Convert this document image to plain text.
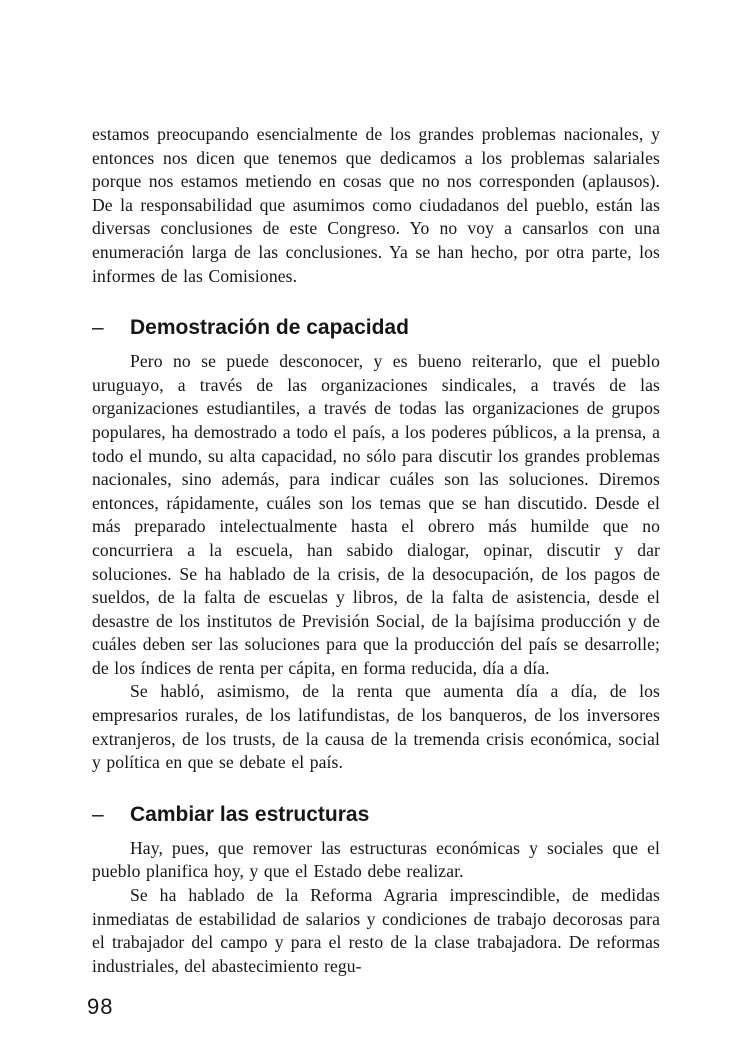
estamos preocupando esencialmente de los grandes problemas nacionales, y entonces nos dicen que tenemos que dedicamos a los problemas salariales porque nos estamos metiendo en cosas que no nos corresponden (aplausos). De la responsabilidad que asumimos como ciudadanos del pueblo, están las diversas conclusiones de este Congreso. Yo no voy a cansarlos con una enumeración larga de las conclusiones. Ya se han hecho, por otra parte, los informes de las Comisiones.

–	Demostración de capacidad

Pero no se puede desconocer, y es bueno reiterarlo, que el pueblo uruguayo, a través de las organizaciones sindicales, a través de las organizaciones estudiantiles, a través de todas las organizaciones de grupos populares, ha demostrado a todo el país, a los poderes públicos, a la prensa, a todo el mundo, su alta capacidad, no sólo para discutir los grandes problemas nacionales, sino además, para indicar cuáles son las soluciones. Diremos entonces, rápidamente, cuáles son los temas que se han discutido. Desde el más preparado intelectualmente hasta el obrero más humilde que no concurriera a la escuela, han sabido dialogar, opinar, discutir y dar soluciones. Se ha hablado de la crisis, de la desocupación, de los pagos de sueldos, de la falta de escuelas y libros, de la falta de asistencia, desde el desastre de los institutos de Previsión Social, de la bajísima producción y de cuáles deben ser las soluciones para que la producción del país se desarrolle; de los índices de renta per cápita, en forma reducida, día a día.

Se habló, asimismo, de la renta que aumenta día a día, de los empresarios rurales, de los latifundistas, de los banqueros, de los inversores extranjeros, de los trusts, de la causa de la tremenda crisis económica, social y política en que se debate el país.

–	Cambiar las estructuras

Hay, pues, que remover las estructuras económicas y sociales que el pueblo planifica hoy, y que el Estado debe realizar.

Se ha hablado de la Reforma Agraria imprescindible, de medidas inmediatas de estabilidad de salarios y condiciones de trabajo decorosas para el trabajador del campo y para el resto de la clase trabajadora. De reformas industriales, del abastecimiento regu-

98
